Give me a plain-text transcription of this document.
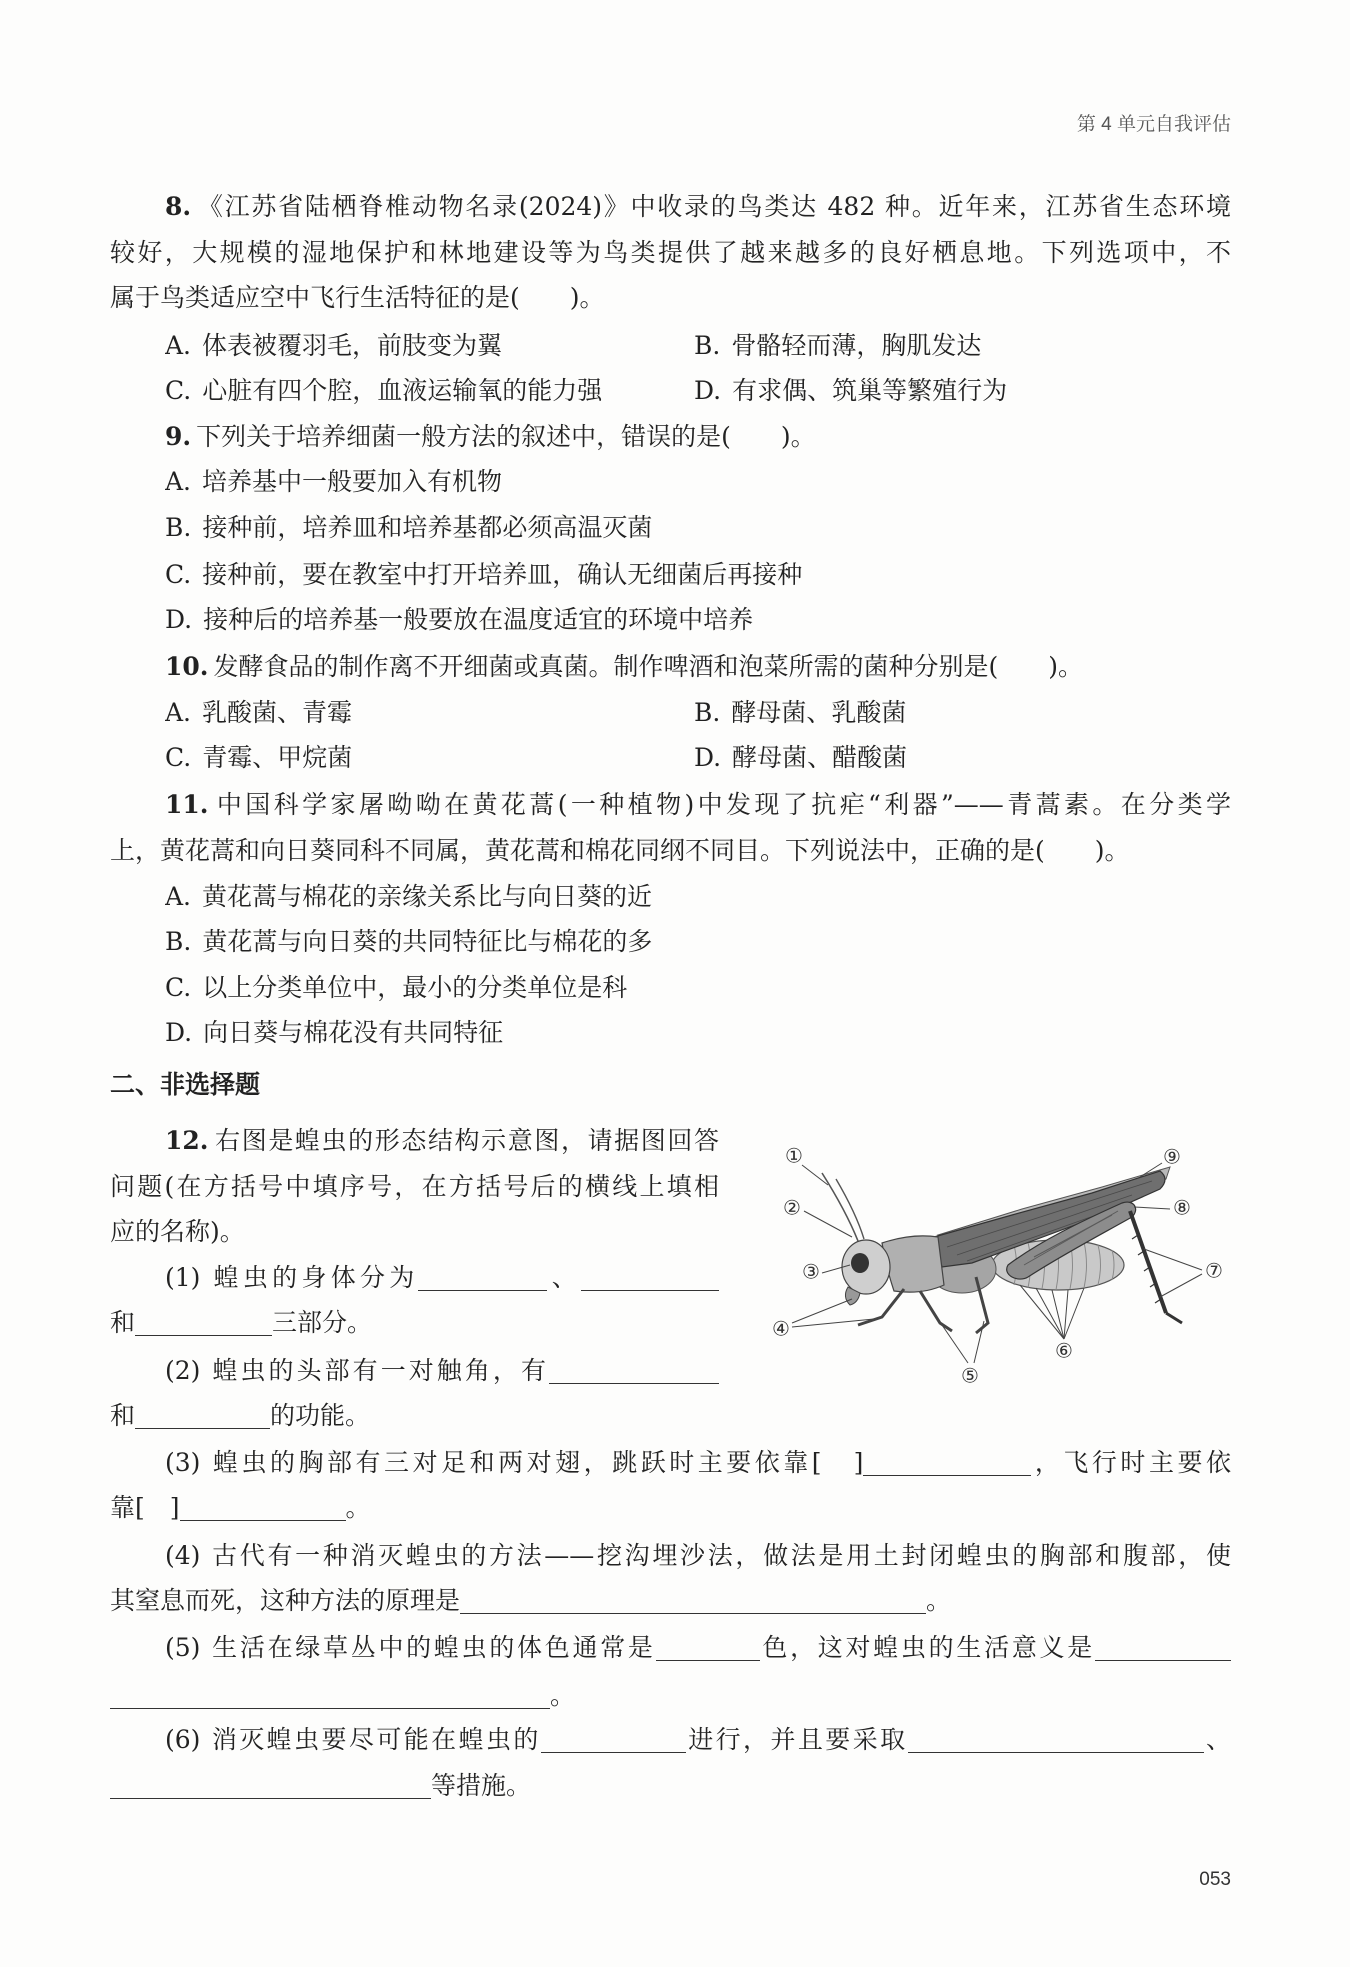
第 4 单元自我评估
8. 《江苏省陆栖脊椎动物名录(2024)》中收录的鸟类达 482 种。近年来，江苏省生态环境
较好，大规模的湿地保护和林地建设等为鸟类提供了越来越多的良好栖息地。下列选项中，不
属于鸟类适应空中飞行生活特征的是(　　)。
A. 体表被覆羽毛，前肢变为翼	B. 骨骼轻而薄，胸肌发达
C. 心脏有四个腔，血液运输氧的能力强	D. 有求偶、筑巢等繁殖行为
9. 下列关于培养细菌一般方法的叙述中，错误的是(　　)。
A. 培养基中一般要加入有机物
B. 接种前，培养皿和培养基都必须高温灭菌
C. 接种前，要在教室中打开培养皿，确认无细菌后再接种
D. 接种后的培养基一般要放在温度适宜的环境中培养
10. 发酵食品的制作离不开细菌或真菌。制作啤酒和泡菜所需的菌种分别是(　　)。
A. 乳酸菌、青霉	B. 酵母菌、乳酸菌
C. 青霉、甲烷菌	D. 酵母菌、醋酸菌
11. 中国科学家屠呦呦在黄花蒿(一种植物)中发现了抗疟“利器”——青蒿素。在分类学
上，黄花蒿和向日葵同科不同属，黄花蒿和棉花同纲不同目。下列说法中，正确的是(　　)。
A. 黄花蒿与棉花的亲缘关系比与向日葵的近
B. 黄花蒿与向日葵的共同特征比与棉花的多
C. 以上分类单位中，最小的分类单位是科
D. 向日葵与棉花没有共同特征
二、非选择题
12. 右图是蝗虫的形态结构示意图，请据图回答
问题(在方括号中填序号，在方括号后的横线上填相
应的名称)。
(1) 蝗虫的身体分为	、
和	三部分。
(2) 蝗虫的头部有一对触角，有
和	的功能。
(3) 蝗虫的胸部有三对足和两对翅，跳跃时主要依靠[　]	，飞行时主要依
靠[　]	。
(4) 古代有一种消灭蝗虫的方法——挖沟埋沙法，做法是用土封闭蝗虫的胸部和腹部，使
其窒息而死，这种方法的原理是	。
(5) 生活在绿草丛中的蝗虫的体色通常是	色，这对蝗虫的生活意义是
。
(6) 消灭蝗虫要尽可能在蝗虫的	进行，并且要采取	、
等措施。
①
②
③
④
⑤
⑥
⑦
⑧
⑨
053
